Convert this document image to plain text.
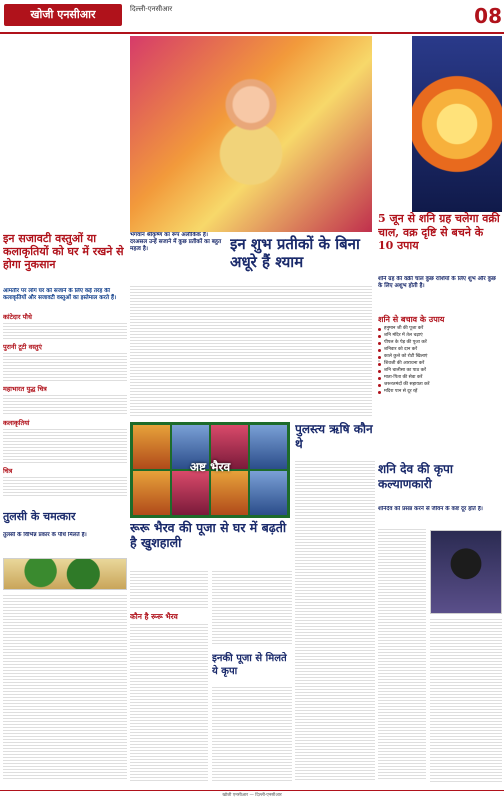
खोजी एनसीआर	दिल्ली-एनसीआर	08
इन सजावटी वस्तुओं या कलाकृतियों को घर में रखने से होगा नुकसान
आमतौर पर लोग घर को सजाने के लिए कई तरह की कलाकृतियों और सजावटी वस्तुओं का इस्तेमाल करते हैं।
कांटेदार पौधे
पुरानी टूटी वस्तुएं
महाभारत युद्ध चित्र
कलाकृतियां
चित्र
तुलसी के चमत्कार
तुलसी के विभिन्न प्रकार के पौधे मिलते हैं।
भगवान श्रीकृष्ण का रूप अलौकिक है। दरअसल उन्हें सजाने में कुछ प्रतीकों का बहुत महत्व है।	इन शुभ प्रतीकों के बिना अधूरे हैं श्याम
अष्ट भैरव
पुलस्त्य ऋषि कौन थे
रूरू भैरव की पूजा से घर में बढ़ती है खुशहाली
कौन है रूरू भैरव
इनकी पूजा से मिलते ये कृपा
5 जून से शनि ग्रह चलेगा वक्री चाल, वक्र दृष्टि से बचने के 10 उपाय
शनि ग्रह की वक्री चाल कुछ राशियों के लिए शुभ और कुछ के लिए अशुभ होती है।
शनि से बचाव के उपाय
हनुमान जी की पूजा करें
शनि मंदिर में तेल चढ़ाएं
पीपल के पेड़ की पूजा करें
शनिवार को दान करें
काले कुत्ते को रोटी खिलाएं
शिवजी की आराधना करें
शनि चालीसा का पाठ करें
माता-पिता की सेवा करें
जरूरतमंदों की सहायता करें
मदिरा पान से दूर रहें
शनि देव की कृपा कल्याणकारी
शनिदेव को प्रसन्न करने से जीवन के कष्ट दूर होते हैं।
खोजी एनसीआर — दिल्ली-एनसीआर
